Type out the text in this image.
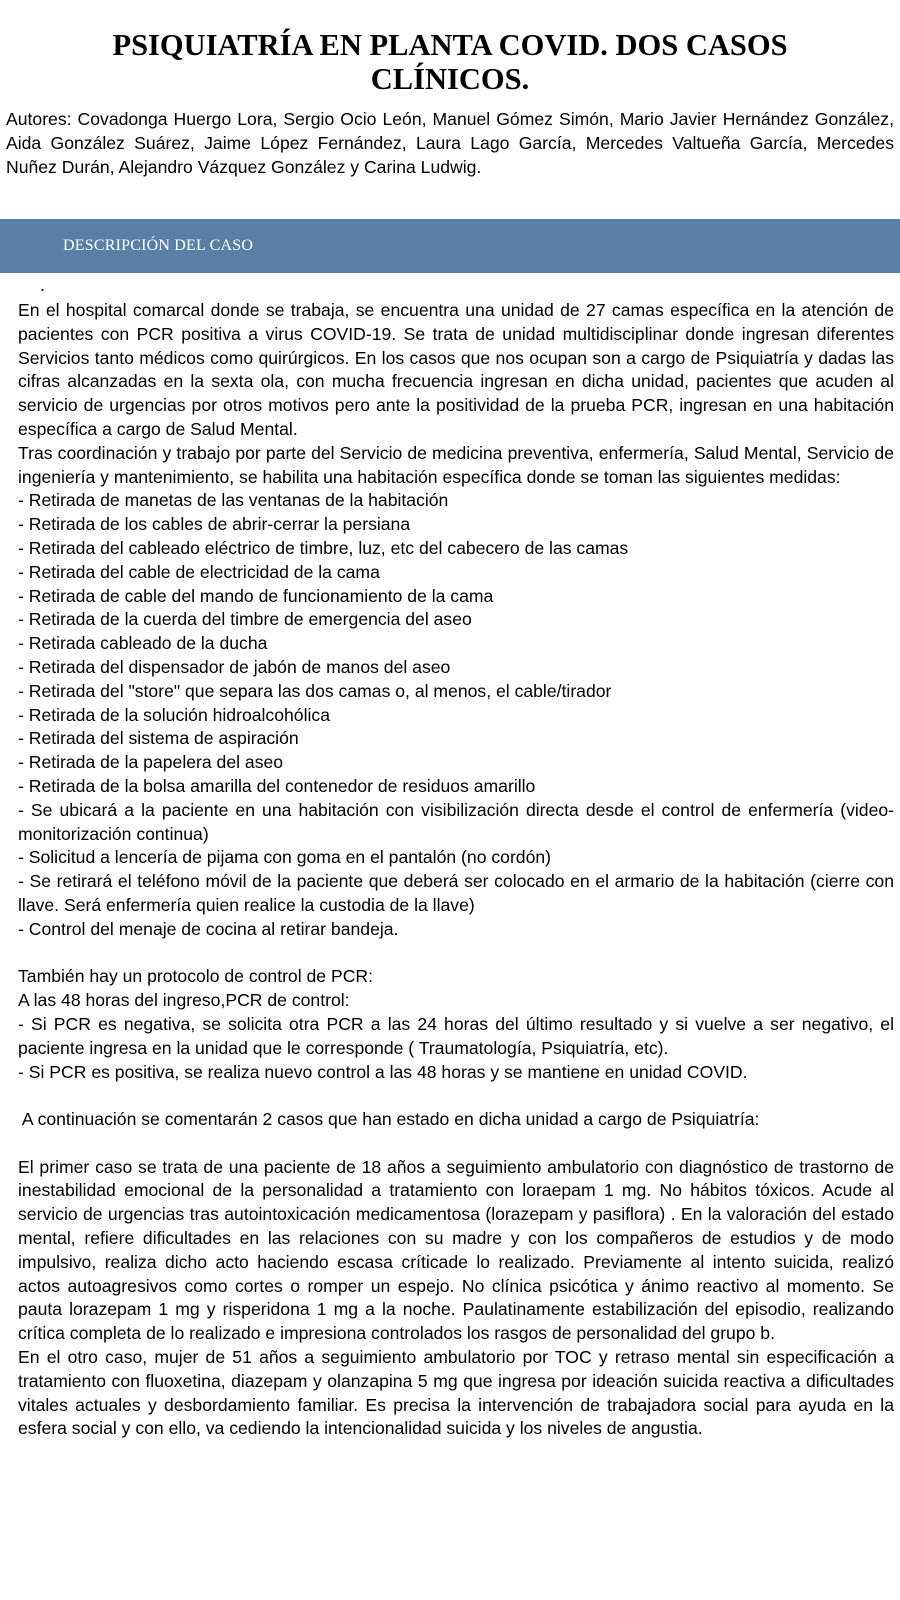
PSIQUIATRÍA EN PLANTA COVID. DOS CASOS CLÍNICOS.
Autores: Covadonga Huergo Lora, Sergio Ocio León, Manuel Gómez Simón, Mario Javier Hernández González, Aida González Suárez, Jaime López Fernández, Laura Lago García, Mercedes Valtueña García, Mercedes Nuñez Durán, Alejandro Vázquez González y Carina Ludwig.
DESCRIPCIÓN DEL CASO
.

En el hospital comarcal donde se trabaja, se encuentra una unidad de 27 camas específica en la atención de pacientes con PCR positiva a virus COVID-19. Se trata de unidad multidisciplinar donde ingresan diferentes Servicios tanto médicos como quirúrgicos. En los casos que nos ocupan son a cargo de Psiquiatría y dadas las cifras alcanzadas en la sexta ola, con mucha frecuencia ingresan en dicha unidad, pacientes que acuden al servicio de urgencias por otros motivos pero ante la positividad de la prueba PCR, ingresan en una habitación específica a cargo de Salud Mental.

Tras coordinación y trabajo por parte del Servicio de medicina preventiva, enfermería, Salud Mental, Servicio de ingeniería y mantenimiento, se habilita una habitación específica donde se toman las siguientes medidas:

- Retirada de manetas de las ventanas de la habitación

- Retirada de los cables de abrir-cerrar la persiana

- Retirada del cableado eléctrico de timbre, luz, etc del cabecero de las camas

- Retirada del cable de electricidad de la cama

- Retirada de cable del mando de funcionamiento de la cama

- Retirada de la cuerda del timbre de emergencia del aseo

- Retirada cableado de la ducha

- Retirada del dispensador de jabón de manos del aseo

- Retirada del "store" que separa las dos camas o, al menos, el cable/tirador

- Retirada de la solución hidroalcohólica

- Retirada del sistema de aspiración

- Retirada de la papelera del aseo

- Retirada de la bolsa amarilla del contenedor de residuos amarillo

- Se ubicará a la paciente en una habitación con visibilización directa desde el control de enfermería (video-monitorización continua)

- Solicitud a lencería de pijama con goma en el pantalón (no cordón)

- Se retirará el teléfono móvil de la paciente que deberá ser colocado en el armario de la habitación (cierre con llave. Será enfermería quien realice la custodia de la llave)

- Control del menaje de cocina al retirar bandeja.

También hay un protocolo de control de PCR:

A las 48 horas del ingreso,PCR de control:

- Si PCR es negativa, se solicita otra PCR a las 24 horas del último resultado y si vuelve a ser negativo, el paciente ingresa en la unidad que le corresponde ( Traumatología, Psiquiatría, etc).

- Si PCR es positiva, se realiza nuevo control a las 48 horas y se mantiene en unidad COVID.

A continuación se comentarán 2 casos que han estado en dicha unidad a cargo de Psiquiatría:

El primer caso se trata de una paciente de 18 años a seguimiento ambulatorio con diagnóstico de trastorno de inestabilidad emocional de la personalidad a tratamiento con loraepam 1 mg. No hábitos tóxicos. Acude al servicio de urgencias tras autointoxicación medicamentosa (lorazepam y pasiflora) . En la valoración del estado mental, refiere dificultades en las relaciones con su madre y con los compañeros de estudios y de modo impulsivo, realiza dicho acto haciendo escasa críticade lo realizado. Previamente al intento suicida, realizó actos autoagresivos como cortes o romper un espejo. No clínica psicótica y ánimo reactivo al momento. Se pauta lorazepam 1 mg y risperidona 1 mg a la noche. Paulatinamente estabilización del episodio, realizando crítica completa de lo realizado e impresiona controlados los rasgos de personalidad del grupo b.

En el otro caso, mujer de 51 años a seguimiento ambulatorio por TOC y retraso mental sin especificación a tratamiento con fluoxetina, diazepam y olanzapina 5 mg que ingresa por ideación suicida reactiva a dificultades vitales actuales y desbordamiento familiar. Es precisa la intervención de trabajadora social para ayuda en la esfera social y con ello, va cediendo la intencionalidad suicida y los niveles de angustia.
